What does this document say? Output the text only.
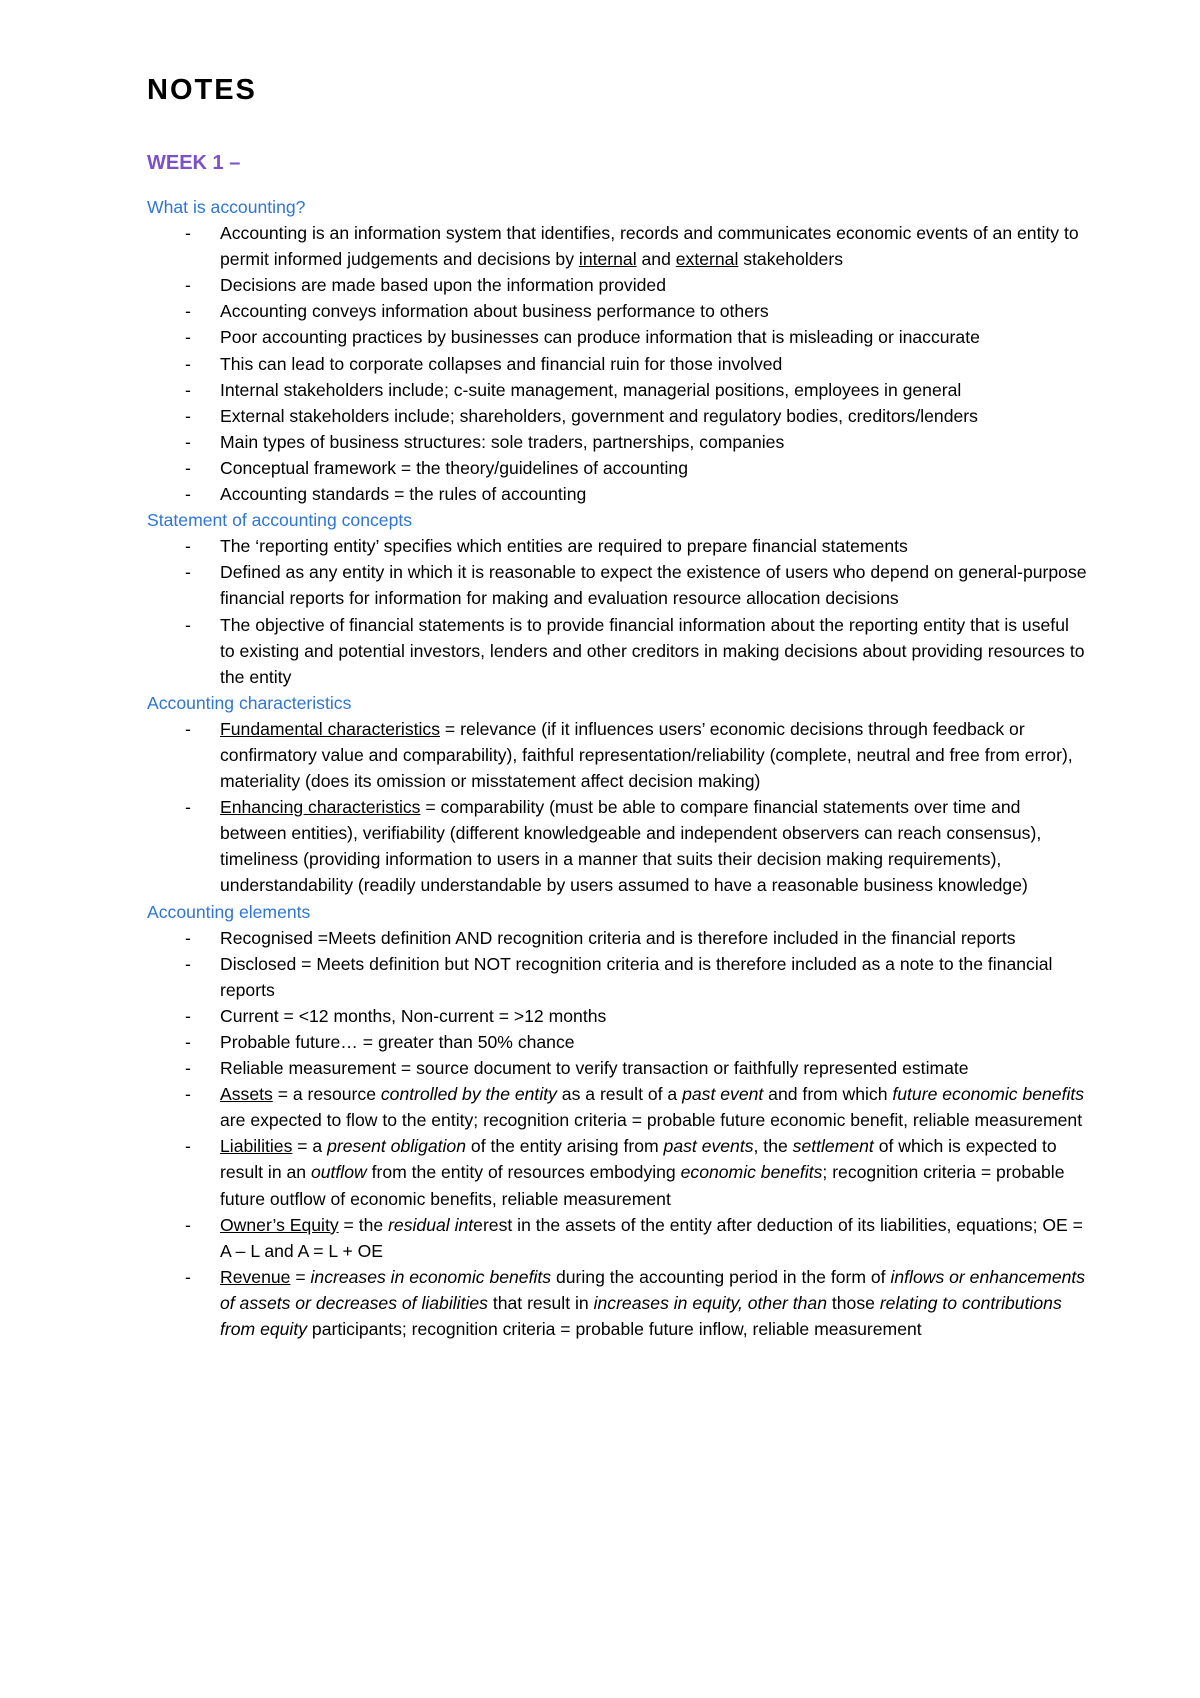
NOTES
WEEK 1 –
What is accounting?
- Accounting is an information system that identifies, records and communicates economic events of an entity to permit informed judgements and decisions by internal and external stakeholders
- Decisions are made based upon the information provided
- Accounting conveys information about business performance to others
- Poor accounting practices by businesses can produce information that is misleading or inaccurate
- This can lead to corporate collapses and financial ruin for those involved
- Internal stakeholders include; c-suite management, managerial positions, employees in general
- External stakeholders include; shareholders, government and regulatory bodies, creditors/lenders
- Main types of business structures: sole traders, partnerships, companies
- Conceptual framework = the theory/guidelines of accounting
- Accounting standards = the rules of accounting
Statement of accounting concepts
- The ‘reporting entity’ specifies which entities are required to prepare financial statements
- Defined as any entity in which it is reasonable to expect the existence of users who depend on general-purpose financial reports for information for making and evaluation resource allocation decisions
- The objective of financial statements is to provide financial information about the reporting entity that is useful to existing and potential investors, lenders and other creditors in making decisions about providing resources to the entity
Accounting characteristics
- Fundamental characteristics = relevance (if it influences users’ economic decisions through feedback or confirmatory value and comparability), faithful representation/reliability (complete, neutral and free from error), materiality (does its omission or misstatement affect decision making)
- Enhancing characteristics = comparability (must be able to compare financial statements over time and between entities), verifiability (different knowledgeable and independent observers can reach consensus), timeliness (providing information to users in a manner that suits their decision making requirements), understandability (readily understandable by users assumed to have a reasonable business knowledge)
Accounting elements
- Recognised =Meets definition AND recognition criteria and is therefore included in the financial reports
- Disclosed = Meets definition but NOT recognition criteria and is therefore included as a note to the financial reports
- Current = <12 months, Non-current = >12 months
- Probable future… = greater than 50% chance
- Reliable measurement = source document to verify transaction or faithfully represented estimate
- Assets = a resource controlled by the entity as a result of a past event and from which future economic benefits are expected to flow to the entity; recognition criteria = probable future economic benefit, reliable measurement
- Liabilities = a present obligation of the entity arising from past events, the settlement of which is expected to result in an outflow from the entity of resources embodying economic benefits; recognition criteria = probable future outflow of economic benefits, reliable measurement
- Owner’s Equity = the residual interest in the assets of the entity after deduction of its liabilities, equations; OE = A – L and A = L + OE
- Revenue = increases in economic benefits during the accounting period in the form of inflows or enhancements of assets or decreases of liabilities that result in increases in equity, other than those relating to contributions from equity participants; recognition criteria = probable future inflow, reliable measurement
